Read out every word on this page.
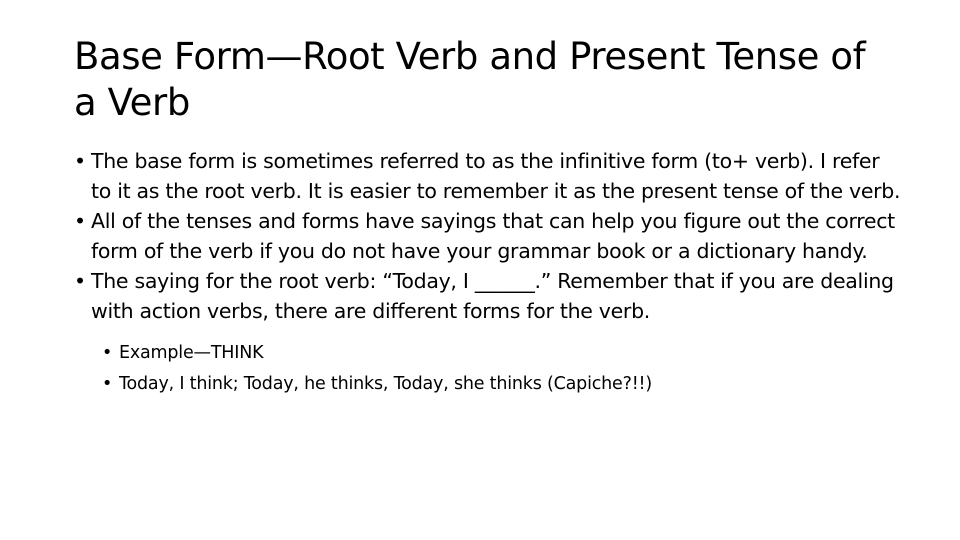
Base Form—Root Verb and Present Tense of a Verb
• The base form is sometimes referred to as the infinitive form (to+ verb). I refer to it as the root verb. It is easier to remember it as the present tense of the verb.
• All of the tenses and forms have sayings that can help you figure out the correct form of the verb if you do not have your grammar book or a dictionary handy.
• The saying for the root verb: “Today, I ______.” Remember that if you are dealing with action verbs, there are different forms for the verb.
• Example—THINK
• Today, I think; Today, he thinks, Today, she thinks (Capiche?!!)
